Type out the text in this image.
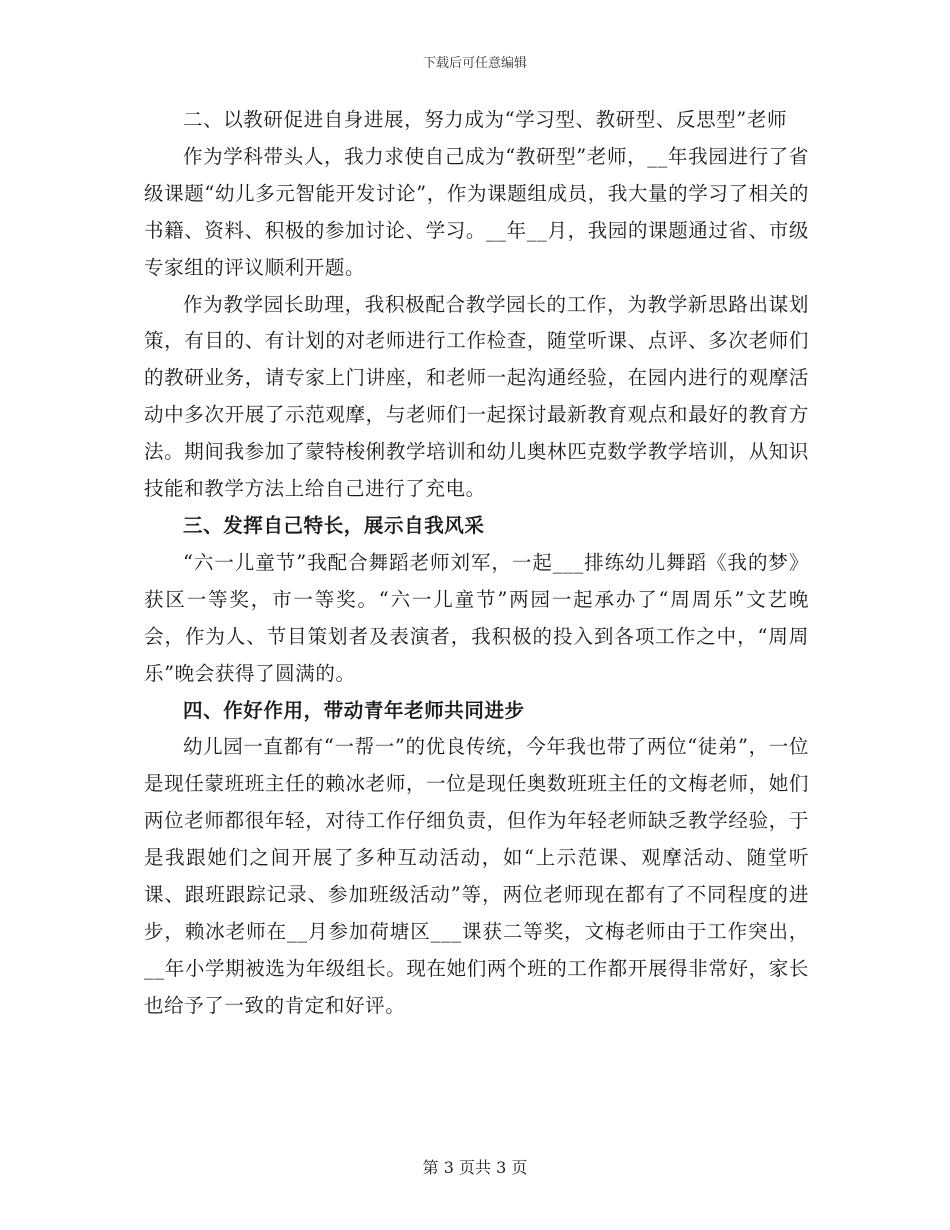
下载后可任意编辑

二、以教研促进自身进展，努力成为“学习型、教研型、反思型”老师

作为学科带头人，我力求使自己成为“教研型”老师，__年我园进行了省级课题“幼儿多元智能开发讨论”，作为课题组成员，我大量的学习了相关的书籍、资料、积极的参加讨论、学习。__年__月，我园的课题通过省、市级专家组的评议顺利开题。

作为教学园长助理，我积极配合教学园长的工作，为教学新思路出谋划策，有目的、有计划的对老师进行工作检查，随堂听课、点评、多次老师们的教研业务，请专家上门讲座，和老师一起沟通经验，在园内进行的观摩活动中多次开展了示范观摩，与老师们一起探讨最新教育观点和最好的教育方法。期间我参加了蒙特梭俐教学培训和幼儿奥林匹克数学教学培训，从知识技能和教学方法上给自己进行了充电。

三、发挥自己特长，展示自我风采

“六一儿童节”我配合舞蹈老师刘军，一起___排练幼儿舞蹈《我的梦》获区一等奖，市一等奖。“六一儿童节”两园一起承办了“周周乐”文艺晚会，作为人、节目策划者及表演者，我积极的投入到各项工作之中，“周周乐”晚会获得了圆满的。

四、作好作用，带动青年老师共同进步

幼儿园一直都有“一帮一”的优良传统，今年我也带了两位“徒弟”，一位是现任蒙班班主任的赖冰老师，一位是现任奥数班班主任的文梅老师，她们两位老师都很年轻，对待工作仔细负责，但作为年轻老师缺乏教学经验，于是我跟她们之间开展了多种互动活动，如“上示范课、观摩活动、随堂听课、跟班跟踪记录、参加班级活动”等，两位老师现在都有了不同程度的进步，赖冰老师在__月参加荷塘区___课获二等奖，文梅老师由于工作突出，__年小学期被选为年级组长。现在她们两个班的工作都开展得非常好，家长也给予了一致的肯定和好评。

第 3 页共 3 页
